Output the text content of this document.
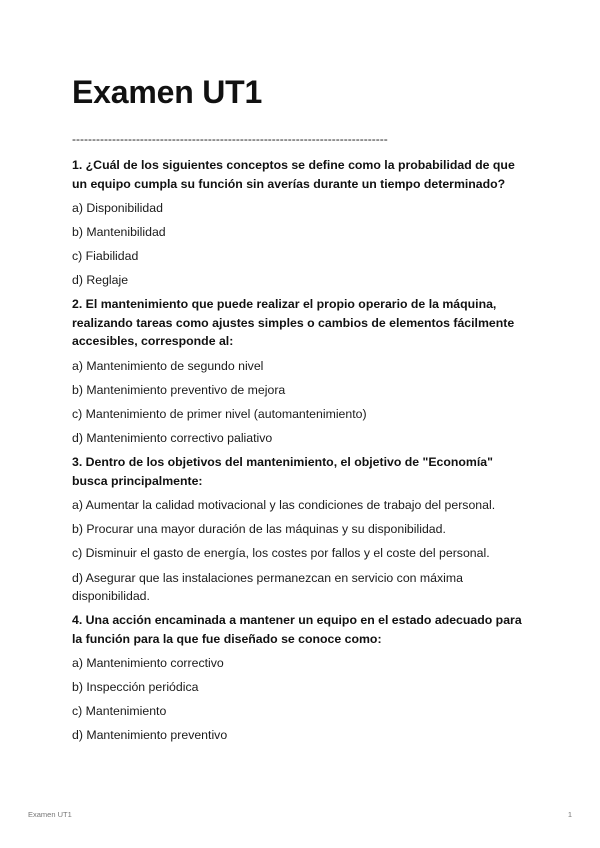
Examen UT1
-------------------------------------------------------------------------------

1. ¿Cuál de los siguientes conceptos se define como la probabilidad de que un equipo cumpla su función sin averías durante un tiempo determinado?

a) Disponibilidad

b) Mantenibilidad

c) Fiabilidad

d) Reglaje

2. El mantenimiento que puede realizar el propio operario de la máquina, realizando tareas como ajustes simples o cambios de elementos fácilmente accesibles, corresponde al:

a) Mantenimiento de segundo nivel

b) Mantenimiento preventivo de mejora

c) Mantenimiento de primer nivel (automantenimiento)

d) Mantenimiento correctivo paliativo

3. Dentro de los objetivos del mantenimiento, el objetivo de "Economía" busca principalmente:

a) Aumentar la calidad motivacional y las condiciones de trabajo del personal.

b) Procurar una mayor duración de las máquinas y su disponibilidad.

c) Disminuir el gasto de energía, los costes por fallos y el coste del personal.

d) Asegurar que las instalaciones permanezcan en servicio con máxima disponibilidad.

4. Una acción encaminada a mantener un equipo en el estado adecuado para la función para la que fue diseñado se conoce como:

a) Mantenimiento correctivo

b) Inspección periódica

c) Mantenimiento

d) Mantenimiento preventivo

Examen UT1	1
